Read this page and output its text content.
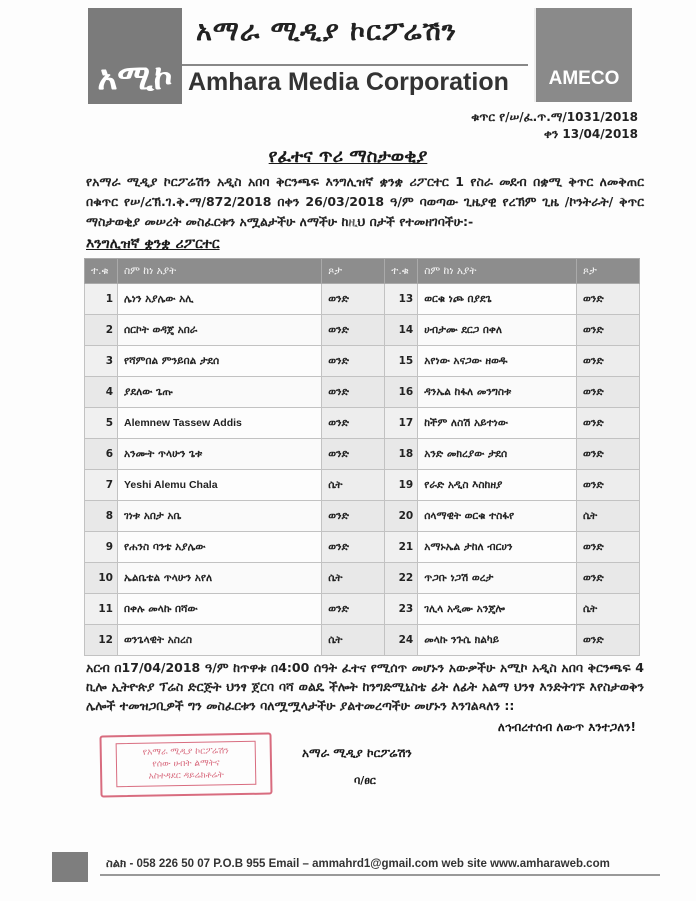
አሚኮ
አማራ ሚዲያ ኮርፖሬሽን
Amhara Media Corporation	AMECO
ቁጥር የ/ሠ/ፈ.ጥ.ማ/1031/2018
ቀን 13/04/2018
የፈተና ጥሪ ማስታወቂያ
የአማራ ሚዲያ ኮርፖሬሽን አዲስ አበባ ቅርንጫፍ እንግሊዝኛ ቋንቋ ሪፖርተር 1 የስራ መደብ በቋሚ ቅጥር ለመቅጠር በቁጥር የሠ/ረኽ.ገ.ቅ.ማ/872/2018 በቀን 26/03/2018 ዓ/ም ባወጣው ጊዜያዊ የረኽም ጊዜ /ኮንትራት/ ቅጥር ማስታወቂያ መሠረት መስፈርቱን አሟልታችሁ ለማችሁ ከዚህ በታች የተመዘገባችሁ:-
እንግሊዝኛ ቋንቋ ሪፖርተር
ተ.ቁ	ስም ከነ አያት	ጾታ	ተ.ቁ	ስም ከነ አያት	ጾታ
1	ሌነን አያሌው አሊ	ወንድ	13	ወርቁ ነጮ በያደጌ	ወንድ
2	ሰርኮት ወዳጄ አበራ	ወንድ	14	ሀብታሙ ደርጋ በቀለ	ወንድ
3	የሻምበል ምንይበል ታደሰ	ወንድ	15	አየነው አናጋው ዘወዱ	ወንድ
4	ያደለው ጌጡ	ወንድ	16	ዳንኤል ከፋለ መንግስቱ	ወንድ
5	Alemnew Tassew Addis	ወንድ	17	ከችም ለስሽ አይተነው	ወንድ
6	አንሙት ጥላሁን ጌቱ	ወንድ	18	አንድ መክረያው ታደሰ	ወንድ
7	Yeshi Alemu Chala	ሴት	19	የራድ አዲስ እስከዘያ	ወንድ
8	ገነቱ አበታ አቤ	ወንድ	20	ሰላማዊት ወርቁ ተስፋየ	ሴት
9	የሐንስ ባንቴ አያሌው	ወንድ	21	አማኑኤል ታከለ ብርሀን	ወንድ
10	ኤልቤቴል ጥላሁን አየለ	ሴት	22	ጥጋቡ ነጋሽ ወረታ	ወንድ
11	በቀሉ መላኩ በሻው	ወንድ	23	ገሊላ አዲሙ አንጄሎ	ሴት
12	ወንጌላዊት አስረስ	ሴት	24	መላኩ ንጉሴ ክልካይ	ወንድ
አርብ በ17/04/2018 ዓ/ም ከጥዋቱ በ4:00 ሰዓት ፈተና የሚሰጥ መሆኑን አውቃችሁ አሚኮ አዲስ አበባ ቅርንጫፍ 4 ኪሎ ኢትዮጵያ ፕሬስ ድርጅት ህንፃ ጀርባ ባሻ ወልዴ ችሎት ከንግድሚኒስቴ ፊት ለፊት አልማ ህንፃ እንድትገኙ እየስታወቅን ሌሎች ተመዝጋቢዎች ግን መስፈርቱን ባለሟሟላታችሁ ያልተመረጣችሁ መሆኑን እንገልጻለን ::
ለኅብረተሰብ ለውጥ እንተጋለን!
የአማራ ሚዲያ ኮርፖሬሽን
የሰው ሀብት ልማትና
አስተዳደር ዳይሬክቶሬት
አማራ ሚዲያ ኮርፖሬሽን
ባ/ፀር
ስልክ - 058 226 50 07 P.O.B 955 Email – ammahrd1@gmail.com web site www.amharaweb.com
